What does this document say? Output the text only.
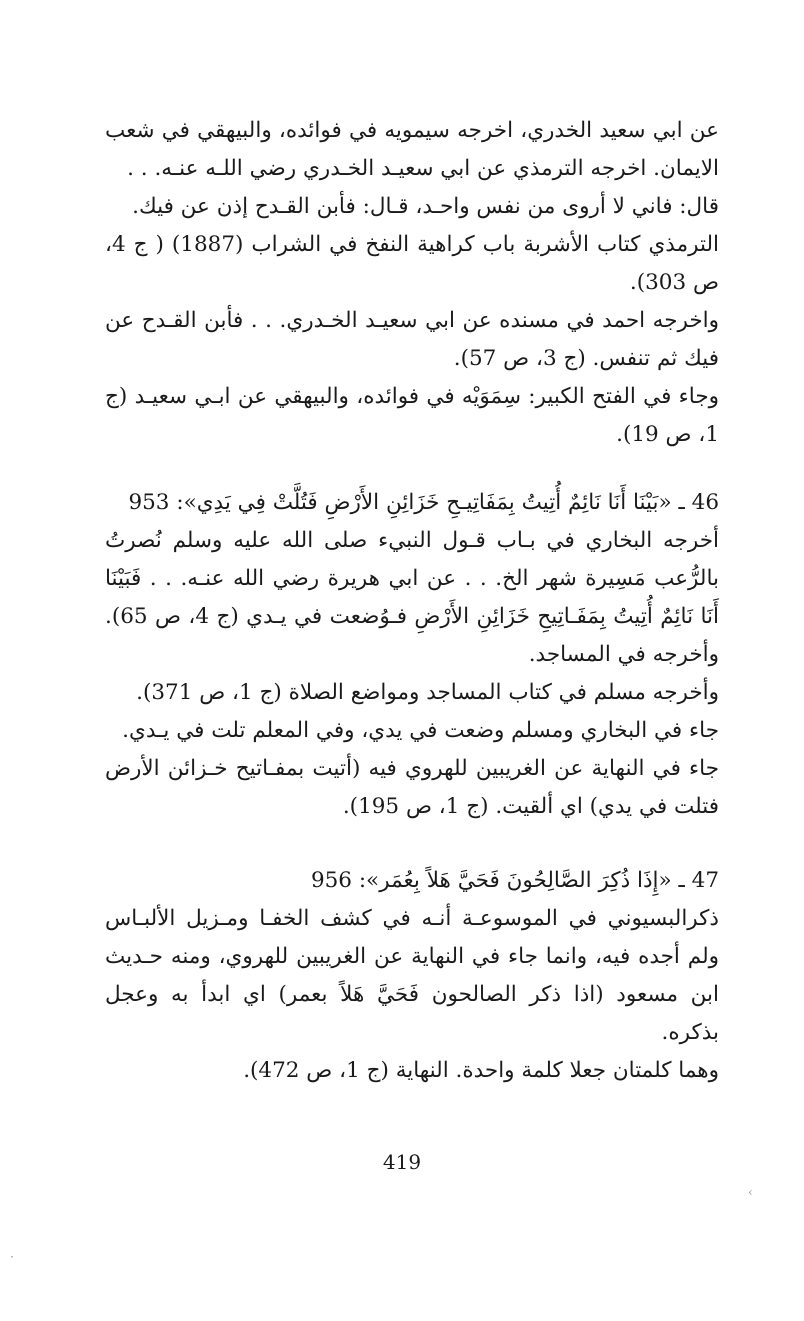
عن ابي سعيد الخدري، اخرجه سيمويه في فوائده، والبيهقي في شعب الايمان. اخرجه الترمذي عن ابي سعيـد الخـدري رضي اللـه عنـه. . .

قال: فاني لا أروى من نفس واحـد، قـال: فأبن القـدح إذن عن فيك.

الترمذي كتاب الأشربة باب كراهية النفخ في الشراب (1887) ( ج 4، ص 303).

واخرجه احمد في مسنده عن ابي سعيـد الخـدري. . . فأبن القـدح عن فيك ثم تنفس. (ج 3، ص 57).

وجاء في الفتح الكبير: سِمَوَيْه في فوائده، والبيهقي عن ابـي سعيـد (ج 1، ص 19).

46 ـ «بَيْنَا أَنَا نَائِمٌ أُتِيتُ بِمَفَاتِيـحِ خَزَائِنِ الأَرْضِ فَتُلَّتْ فِي يَدِي»: 953

أخرجه البخاري في بـاب قـول النبيء صلى الله عليه وسلم نُصرتُ بالرُّعب مَسِيرة شهر الخ. . . عن ابي هريرة رضي الله عنـه. . . فَبَيْنَا أَنَا نَائِمٌ أُتِيتُ بِمَفَـاتِيحِ خَزَائِنِ الأَرْضِ فـوُضعت في يـدي (ج 4، ص 65). وأخرجه في المساجد.

وأخرجه مسلم في كتاب المساجد ومواضع الصلاة (ج 1، ص 371).

جاء في البخاري ومسلم وضعت في يدي، وفي المعلم تلت في يـدي.

جاء في النهاية عن الغريبين للهروي فيه (أتيت بمفـاتيح خـزائن الأرض فتلت في يدي) اي ألقيت. (ج 1، ص 195).

47 ـ «إِذَا ذُكِرَ الصَّالِحُونَ فَحَيَّ هَلاً بِعُمَر»: 956

ذكرالبسيوني في الموسوعـة أنـه في كشف الخفـا ومـزيل الألبـاس ولم أجده فيه، وانما جاء في النهاية عن الغريبين للهروي، ومنه حـديث ابن مسعود (اذا ذكر الصالحون فَحَيَّ هَلاً بعمر) اي ابدأ به وعجل بذكره.

وهما كلمتان جعلا كلمة واحدة. النهاية (ج 1، ص 472).

419
‹
·
